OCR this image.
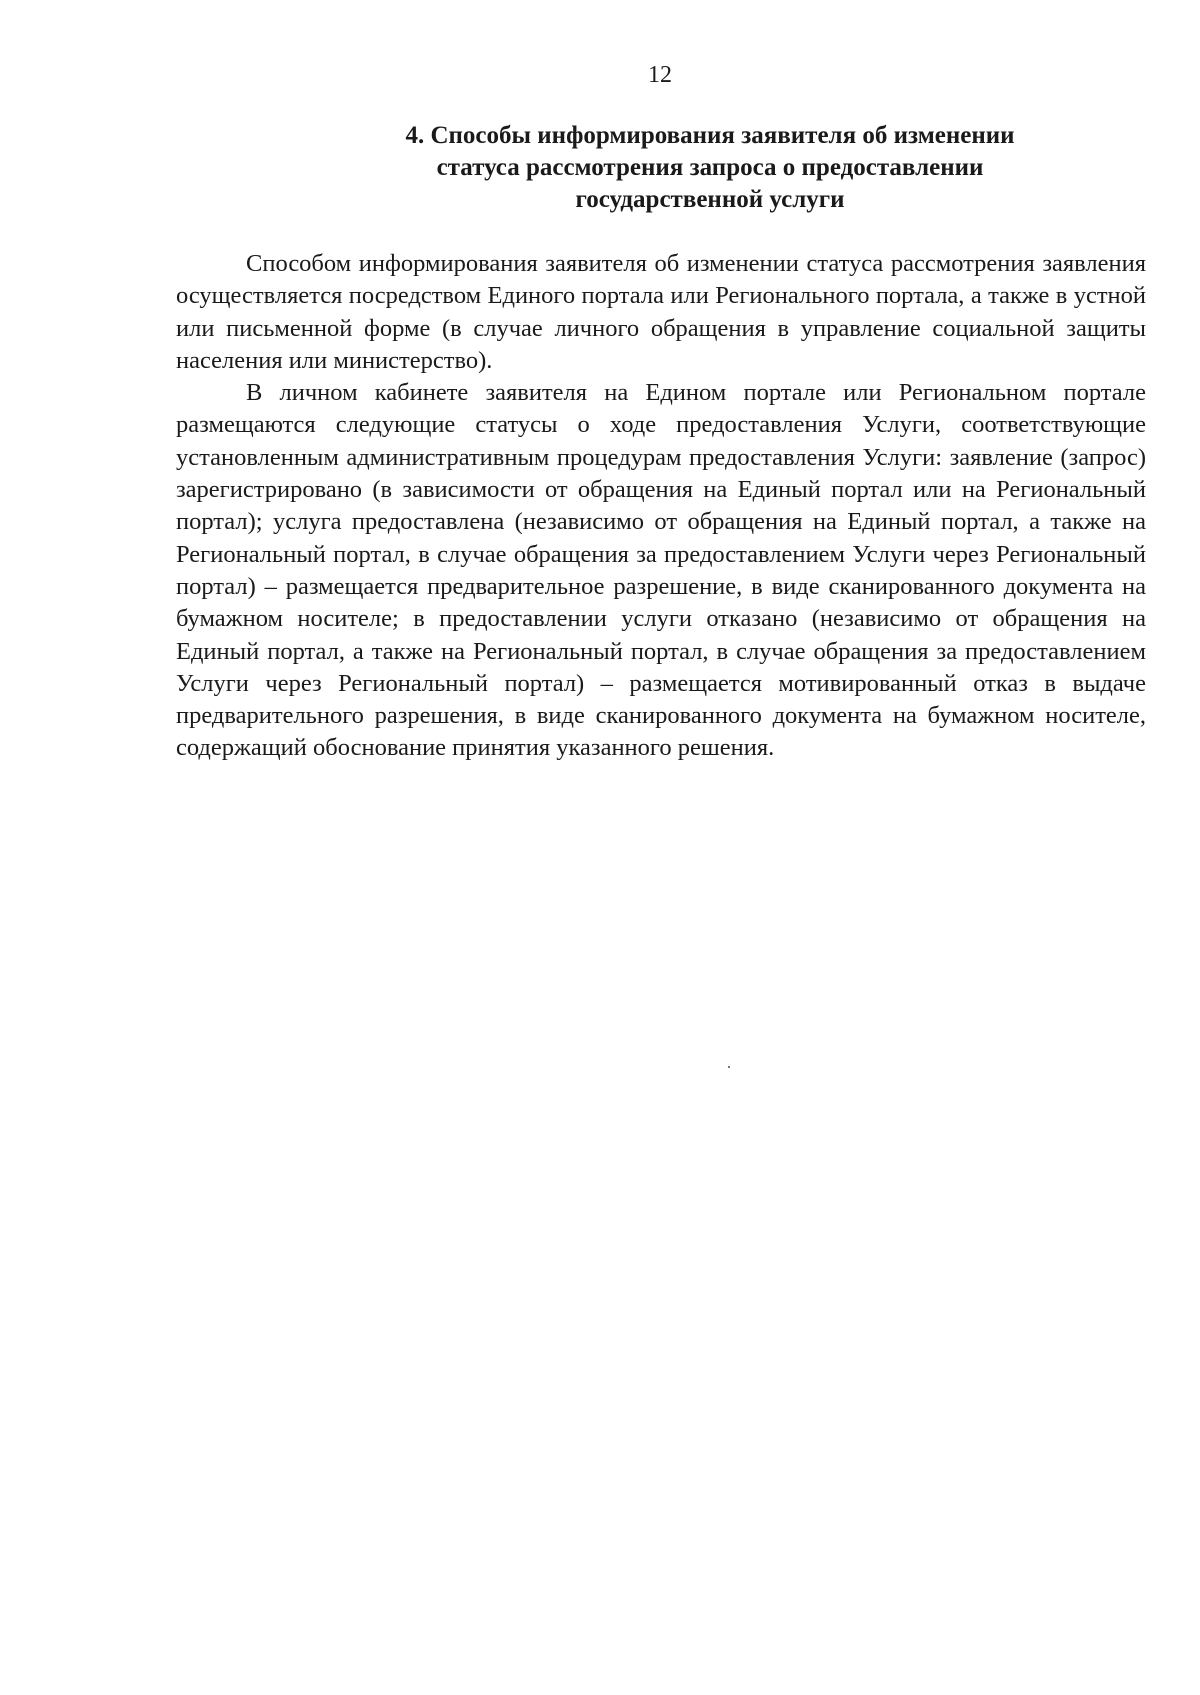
12
4. Способы информирования заявителя об изменении
статуса рассмотрения запроса о предоставлении
государственной услуги

Способом информирования заявителя об изменении статуса рассмотрения заявления осуществляется посредством Единого портала или Регионального портала, а также в устной или письменной форме (в случае личного обращения в управление социальной защиты населения или министерство).

В личном кабинете заявителя на Едином портале или Региональном портале размещаются следующие статусы о ходе предоставления Услуги, соответствующие установленным административным процедурам предоставления Услуги: заявление (запрос) зарегистрировано (в зависимости от обращения на Единый портал или на Региональный портал); услуга предоставлена (независимо от обращения на Единый портал, а также на Региональный портал, в случае обращения за предоставлением Услуги через Региональный портал) – размещается предварительное разрешение, в виде сканированного документа на бумажном носителе; в предоставлении услуги отказано (независимо от обращения на Единый портал, а также на Региональный портал, в случае обращения за предоставлением Услуги через Региональный портал) – размещается мотивированный отказ в выдаче предварительного разрешения, в виде сканированного документа на бумажном носителе, содержащий обоснование принятия указанного решения.
